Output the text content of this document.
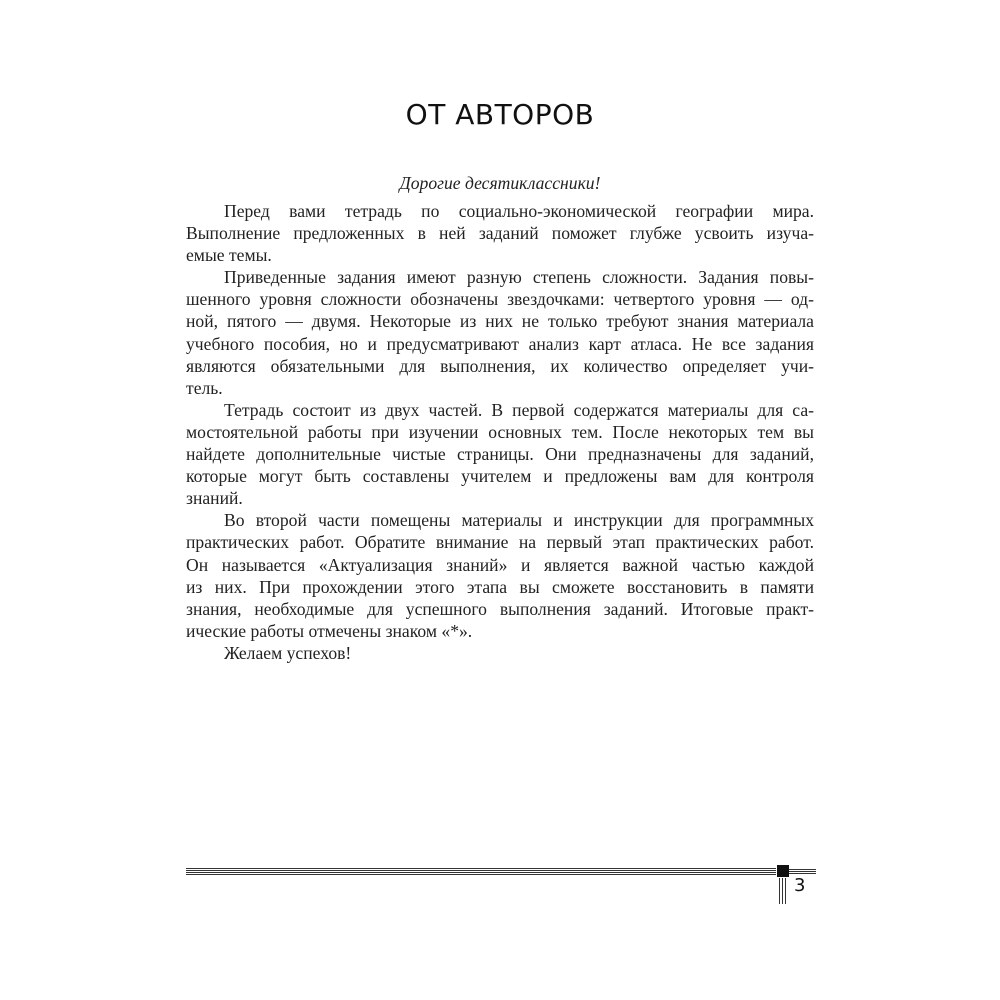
ОТ АВТОРОВ
Дорогие десятиклассники!
Перед вами тетрадь по социально-экономической географии мира.
Выполнение предложенных в ней заданий поможет глубже усвоить изуча-
емые темы.
Приведенные задания имеют разную степень сложности. Задания повы-
шенного уровня сложности обозначены звездочками: четвертого уровня — од-
ной, пятого — двумя. Некоторые из них не только требуют знания материала
учебного пособия, но и предусматривают анализ карт атласа. Не все задания
являются обязательными для выполнения, их количество определяет учи-
тель.
Тетрадь состоит из двух частей. В первой содержатся материалы для са-
мостоятельной работы при изучении основных тем. После некоторых тем вы
найдете дополнительные чистые страницы. Они предназначены для заданий,
которые могут быть составлены учителем и предложены вам для контроля
знаний.
Во второй части помещены материалы и инструкции для программных
практических работ. Обратите внимание на первый этап практических работ.
Он называется «Актуализация знаний» и является важной частью каждой
из них. При прохождении этого этапа вы сможете восстановить в памяти
знания, необходимые для успешного выполнения заданий. Итоговые практ-
ические работы отмечены знаком «*».
Желаем успехов!
3
